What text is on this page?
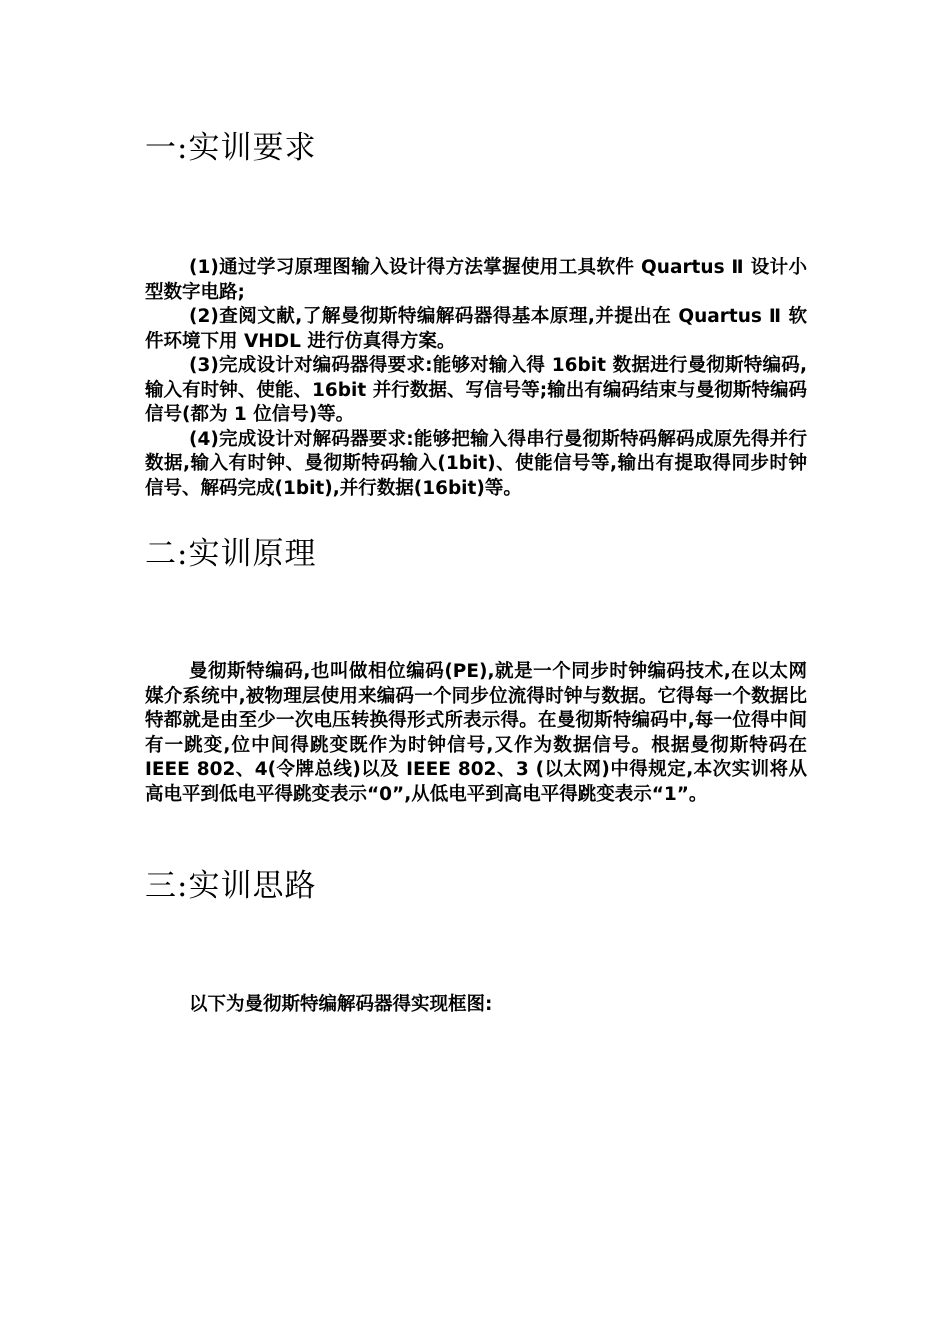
一:实训要求

(1)通过学习原理图输入设计得方法掌握使用工具软件 Quartus Ⅱ 设计小型数字电路;

(2)查阅文献,了解曼彻斯特编解码器得基本原理,并提出在 Quartus Ⅱ 软件环境下用 VHDL 进行仿真得方案。

(3)完成设计对编码器得要求:能够对输入得 16bit 数据进行曼彻斯特编码,输入有时钟、使能、16bit 并行数据、写信号等;输出有编码结束与曼彻斯特编码信号(都为 1 位信号)等。

(4)完成设计对解码器要求:能够把输入得串行曼彻斯特码解码成原先得并行数据,输入有时钟、曼彻斯特码输入(1bit)、使能信号等,输出有提取得同步时钟信号、解码完成(1bit),并行数据(16bit)等。

二:实训原理

曼彻斯特编码,也叫做相位编码(PE),就是一个同步时钟编码技术,在以太网媒介系统中,被物理层使用来编码一个同步位流得时钟与数据。它得每一个数据比特都就是由至少一次电压转换得形式所表示得。在曼彻斯特编码中,每一位得中间有一跳变,位中间得跳变既作为时钟信号,又作为数据信号。根据曼彻斯特码在 IEEE 802、4(令牌总线)以及 IEEE 802、3 (以太网)中得规定,本次实训将从高电平到低电平得跳变表示“0”,从低电平到高电平得跳变表示“1”。

三:实训思路

以下为曼彻斯特编解码器得实现框图:
